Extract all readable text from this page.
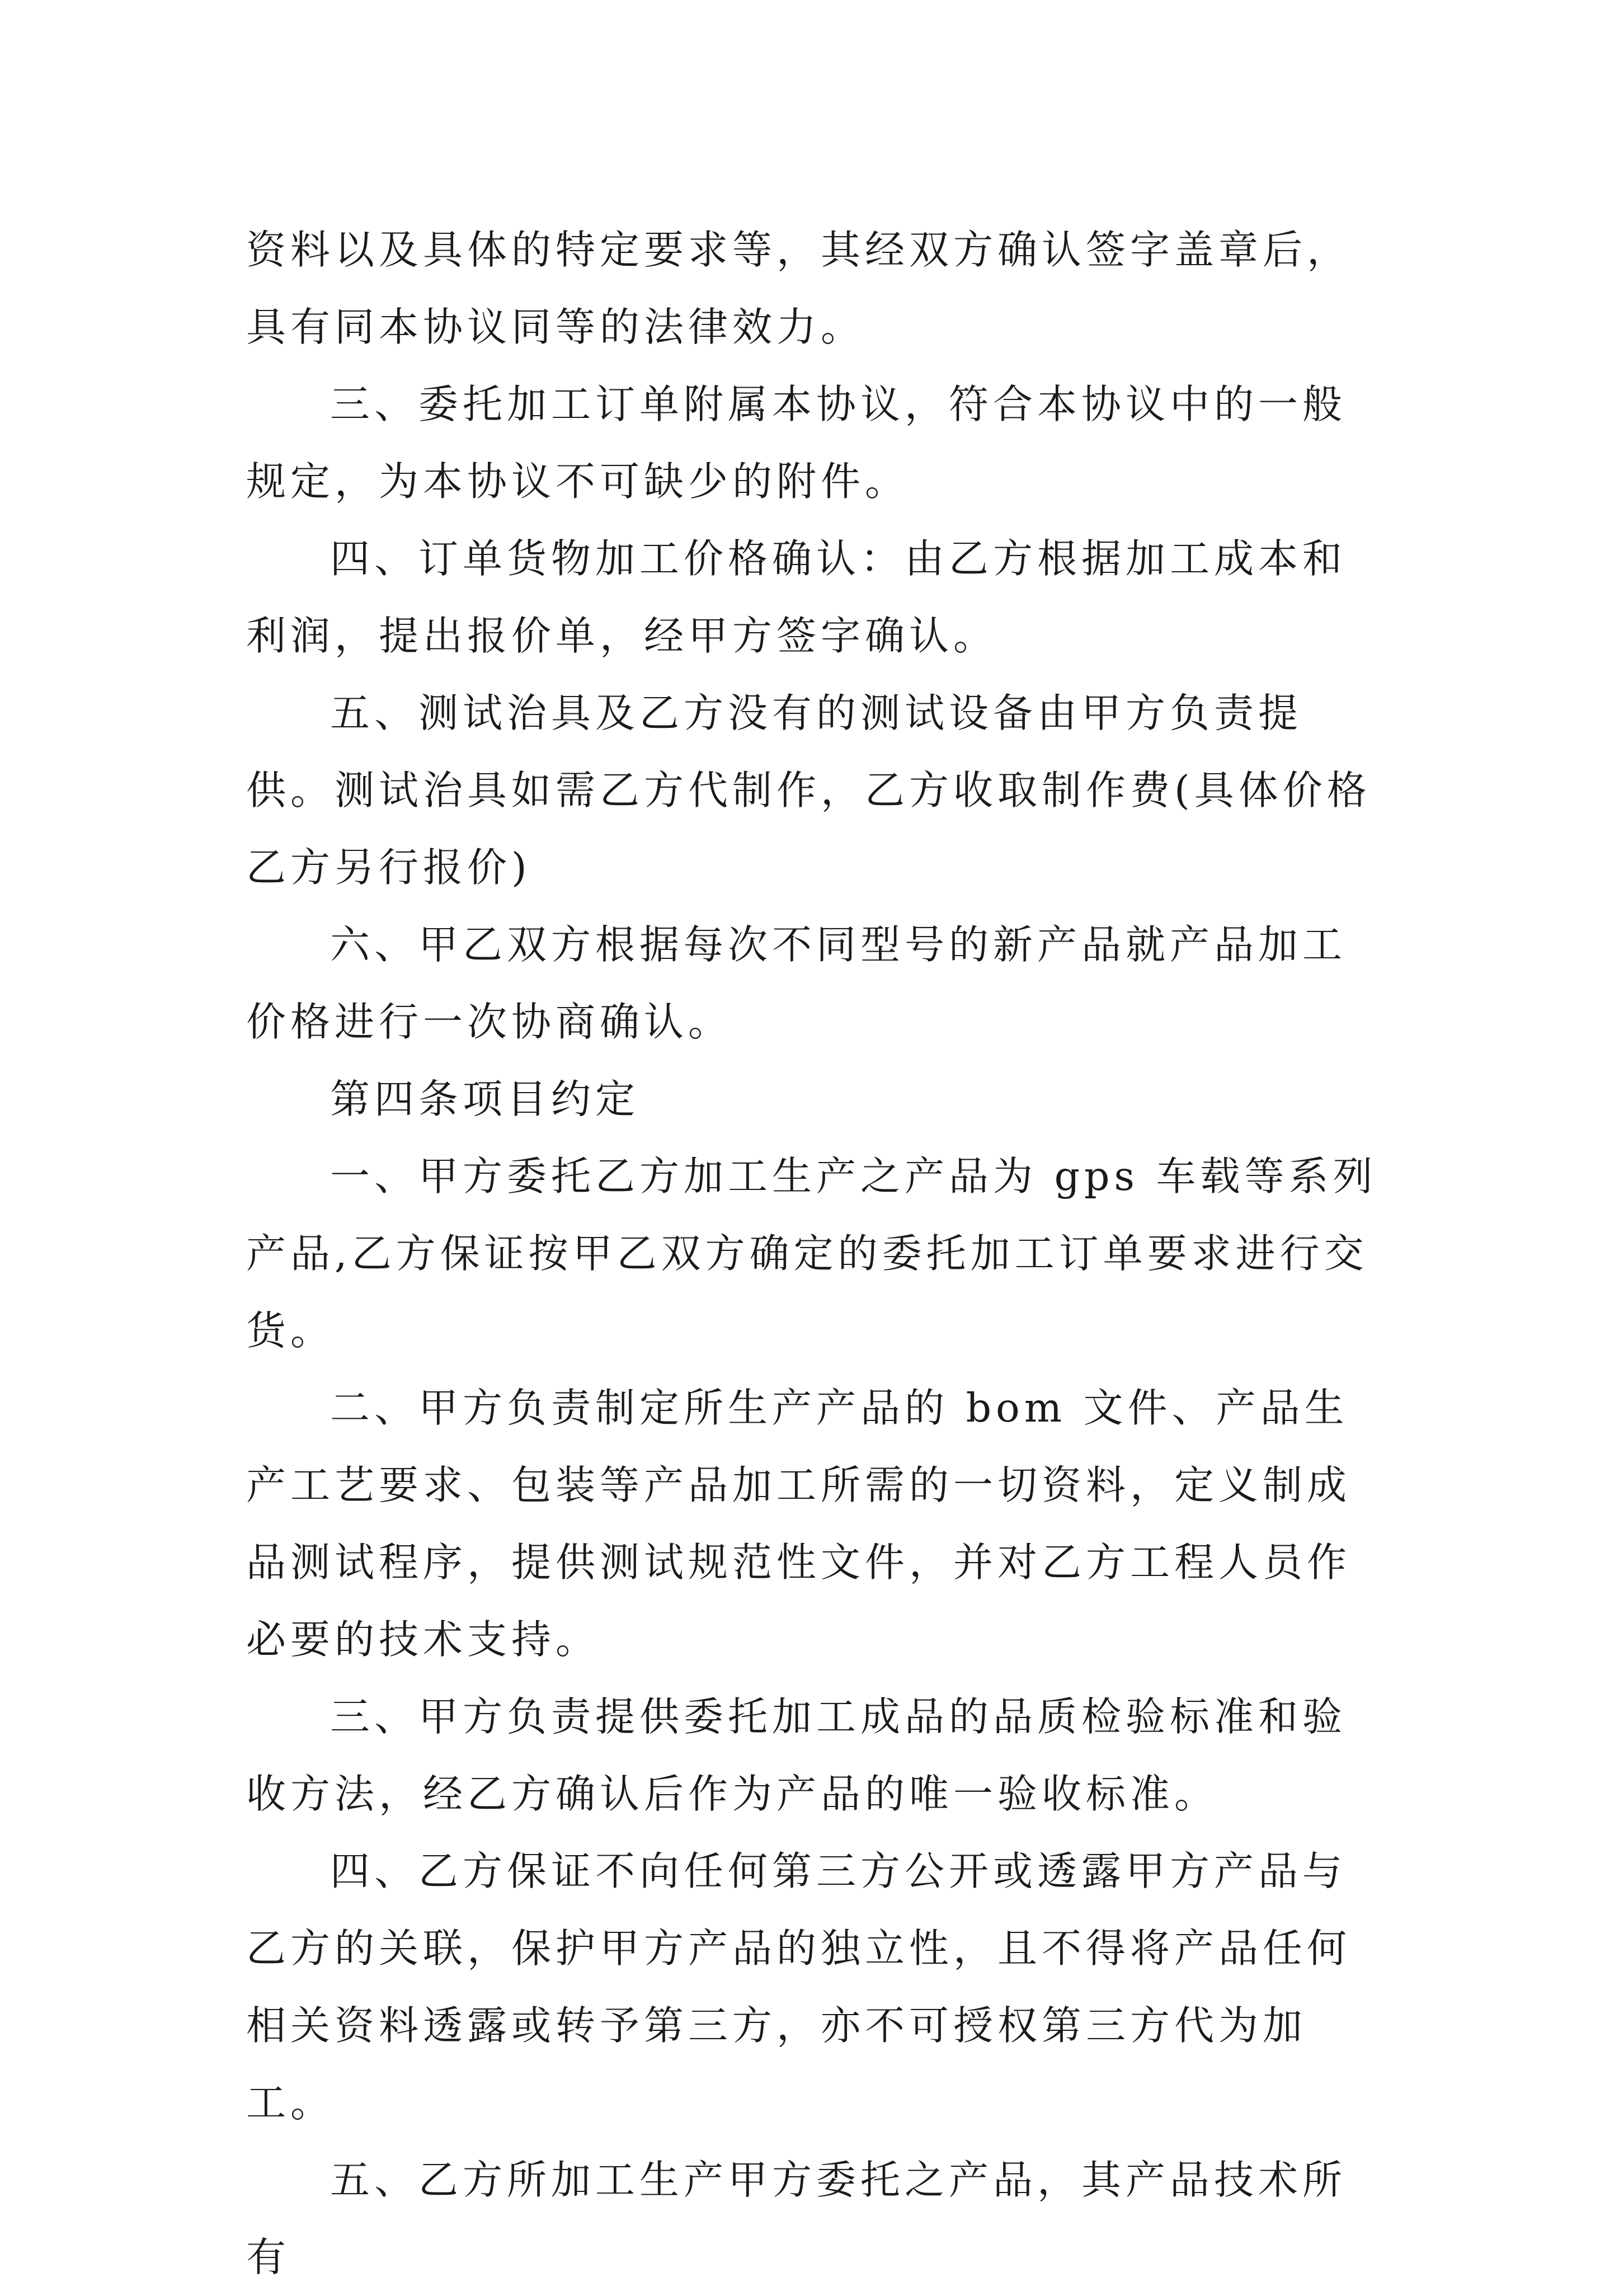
资料以及具体的特定要求等，其经双方确认签字盖章后，具有同本协议同等的法律效力。

三、委托加工订单附属本协议，符合本协议中的一般规定，为本协议不可缺少的附件。

四、订单货物加工价格确认：由乙方根据加工成本和利润，提出报价单，经甲方签字确认。

五、测试治具及乙方没有的测试设备由甲方负责提供。测试治具如需乙方代制作，乙方收取制作费(具体价格乙方另行报价)

六、甲乙双方根据每次不同型号的新产品就产品加工价格进行一次协商确认。

第四条项目约定

一、甲方委托乙方加工生产之产品为 gps 车载等系列产品,乙方保证按甲乙双方确定的委托加工订单要求进行交货。

二、甲方负责制定所生产产品的 bom 文件、产品生产工艺要求、包装等产品加工所需的一切资料，定义制成品测试程序，提供测试规范性文件，并对乙方工程人员作必要的技术支持。

三、甲方负责提供委托加工成品的品质检验标准和验收方法，经乙方确认后作为产品的唯一验收标准。

四、乙方保证不向任何第三方公开或透露甲方产品与乙方的关联，保护甲方产品的独立性，且不得将产品任何相关资料透露或转予第三方，亦不可授权第三方代为加工。

五、乙方所加工生产甲方委托之产品，其产品技术所有
